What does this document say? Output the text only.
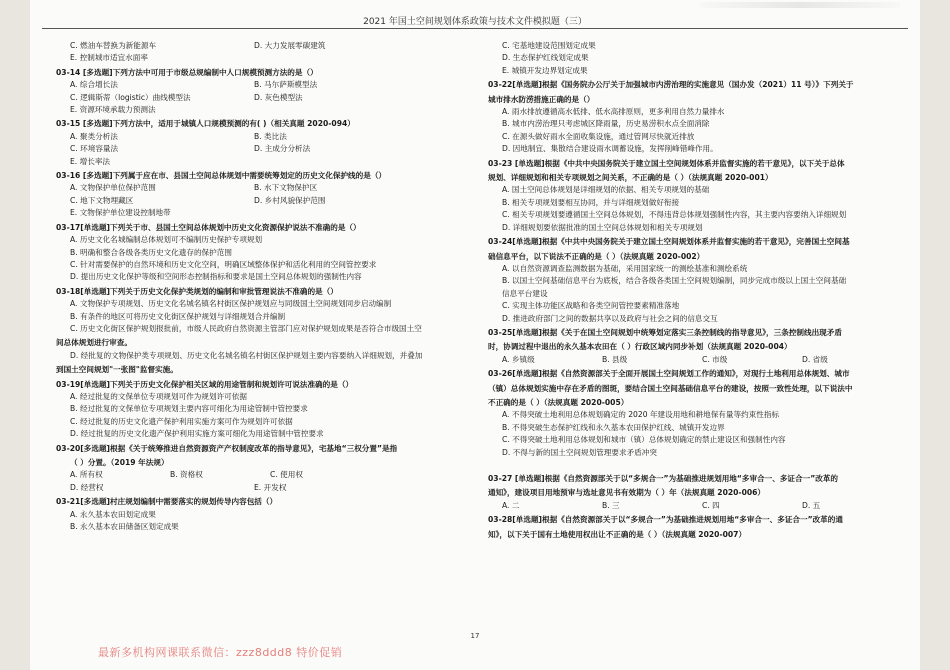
2021 年国土空间规划体系政策与技术文件模拟题（三）
C. 燃油车替换为新能源车	D. 大力发展零碳建筑
E. 控制城市适宜水面率
03-14 [多选题]下列方法中可用于市级总规编制中人口规模预测方法的是（）
A. 综合增长法	B. 马尔萨斯模型法
C. 逻辑斯蒂（logistic）曲线模型法	D. 灰色模型法
E. 资源环境承载力预测法
03-15 [多选题]下列方法中，适用于城镇人口规模预测的有( )（相关真题 2020-094）
A. 聚类分析法	B. 类比法
C. 环境容量法	D. 主成分分析法
E. 增长率法
03-16 [多选题]下列属于应在市、县国土空间总体规划中需要统筹划定的历史文化保护线的是（）
A. 文物保护单位保护范围	B. 水下文物保护区
C. 地下文物埋藏区	D. 乡村风貌保护范围
E. 文物保护单位建设控制地带
03-17[单选题]下列关于市、县国土空间总体规划中历史文化资源保护说法不准确的是（）
A. 历史文化名城编制总体规划可不编制历史保护专项规划
B. 明确和整合各级各类历史文化遗存的保护范围
C. 针对需要保护的自然环境和历史文化空间，明确区域整体保护和活化利用的空间管控要求
D. 提出历史文化保护等级和空间形态控制指标和要求是国土空间总体规划的强制性内容
03-18[单选题]下列关于历史文化保护类规划的编制和审批管理说法不准确的是（）
A. 文物保护专项规划、历史文化名城名镇名村街区保护规划应与同级国土空间规划同步启动编制
B. 有条件的地区可将历史文化街区保护规划与详细规划合并编制
C. 历史文化街区保护规划报批前，市级人民政府自然资源主管部门应对保护规划成果是否符合市级国土空
间总体规划进行审查。
D. 经批复的文物保护类专项规划、历史文化名城名镇名村街区保护规划主要内容要纳入详细规划，并叠加
到国土空间规划"一张图"监督实施。
03-19[单选题]下列关于历史文化保护相关区域的用途管制和规划许可说法准确的是（）
A. 经过批复的文保单位专项规划可作为规划许可依据
B. 经过批复的文保单位专项规划主要内容可细化为用途管制中管控要求
C. 经过批复的历史文化遗产保护利用实施方案可作为规划许可依据
D. 经过批复的历史文化遗产保护利用实施方案可细化为用途管制中管控要求
03-20[多选题]根据《关于统筹推进自然资源资产产权制度改革的指导意见》，宅基地“三权分置”是指
（ ）分置。（2019 年法规）
A. 所有权	B. 资格权	C. 使用权
D. 经营权	E. 开发权
03-21[多选题]村庄规划编制中需要落实的规划传导内容包括（）
A. 永久基本农田划定成果
B. 永久基本农田储备区划定成果
C. 宅基地建设范围划定成果
D. 生态保护红线划定成果
E. 城镇开发边界划定成果
03-22[单选题]根据《国务院办公厅关于加强城市内涝治理的实施意见（国办发（2021）11 号）》下列关于
城市排水防涝措施正确的是（）
A. 雨水排放遵循高水低排、低水高排原则，更多利用自然力量排水
B. 城市内涝治理只考虑城区降雨量，历史易涝积水点全面消除
C. 在源头做好雨水全面收集设施，通过管网尽快就近排放
D. 因地制宜、集散结合建设雨水调蓄设施，发挥削峰错峰作用。
03-23 [单选题]根据《中共中央国务院关于建立国土空间规划体系并监督实施的若干意见》，以下关于总体
规划、详细规划和相关专项规划之间关系，不正确的是（ ）（法规真题 2020-001）
A. 国土空间总体规划是详细规划的依据、相关专项规划的基础
B. 相关专项规划要相互协同，并与详细规划做好衔接
C. 相关专项规划要遵循国土空间总体规划，不得违背总体规划强制性内容，其主要内容要纳入详细规划
D. 详细规划要依据批准的国土空间总体规划和相关专项规划
03-24[单选题]根据《中共中央国务院关于建立国土空间规划体系并监督实施的若干意见》，完善国土空间基
础信息平台，以下说法不正确的是（ ）（法规真题 2020-002）
A. 以自然资源调查监测数据为基础，采用国家统一的测绘基准和测绘系统
B. 以国土空间基础信息平台为底板，结合各级各类国土空间规划编制，同步完成市级以上国土空间基础
信息平台建设
C. 实现主体功能区战略和各类空间管控要素精准落地
D. 推进政府部门之间的数据共享以及政府与社会之间的信息交互
03-25[单选题]根据《关于在国土空间规划中统筹划定落实三条控制线的指导意见》，三条控制线出现矛盾
时，协调过程中退出的永久基本农田在（ ）行政区域内同步补划（法规真题 2020-004）
A. 乡镇级	B. 县级	C. 市级	D. 省级
03-26[单选题]根据《自然资源部关于全面开展国土空间规划工作的通知》，对现行土地利用总体规划、城市
（镇）总体规划实施中存在矛盾的图斑，要结合国土空间基础信息平台的建设，按照一致性处理，以下说法中
不正确的是（ ）（法规真题 2020-005）
A. 不得突破土地利用总体规划确定的 2020 年建设用地和耕地保有量等约束性指标
B. 不得突破生态保护红线和永久基本农田保护红线、城镇开发边界
C. 不得突破土地利用总体规划和城市（镇）总体规划确定的禁止建设区和强制性内容
D. 不得与新的国土空间规划管理要求矛盾冲突
03-27 [单选题]根据《自然资源部关于以“多规合一”为基础推进规划用地“多审合一、多证合一”改革的
通知》，建设项目用地预审与选址意见书有效期为（ ）年（法规真题 2020-006）
A. 二	B. 三	C. 四	D. 五
03-28[单选题]根据《自然资源部关于以“多规合一”为基础推进规划用地“多审合一、多证合一”改革的通
知》，以下关于国有土地使用权出让不正确的是（ ）（法规真题 2020-007）
17
最新多机构网课联系微信：zzz8ddd8 特价促销
